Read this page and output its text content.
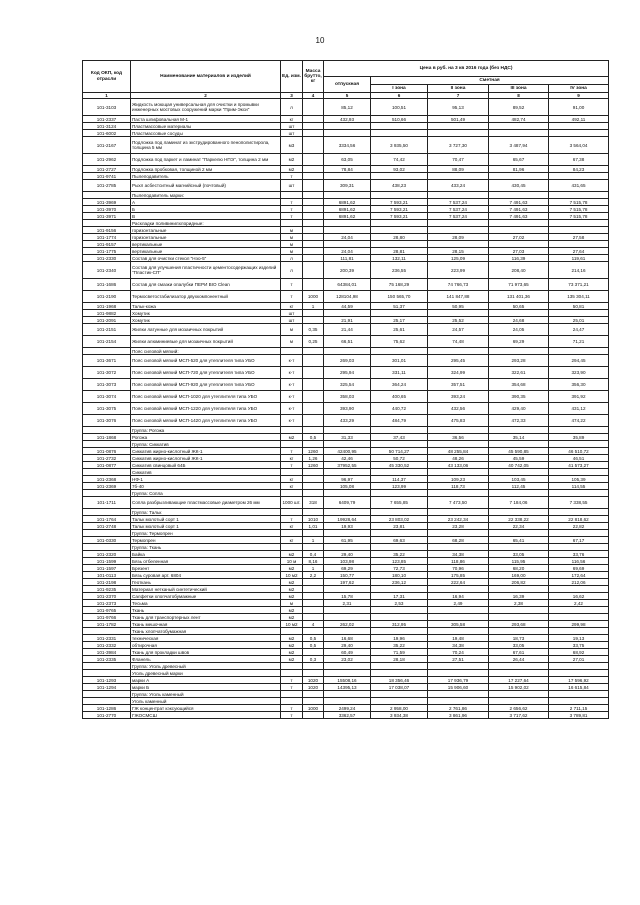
10
Код ОКП, код отрасли	Наименование материалов и изделий	Ед. изм.	Масса брутто, кг	Цена в руб. на 3 кв 2016 года (без НДС)				
				отпускная	Сметная			
					I зона	II зона	III зона	IV зона
1	2	3	4	5	6	7	8	9
101-3103	Жидкость моющая универсальная для очистки и промывки инженерных мостовых сооружений марки "Прим-Экси"	л		85,12	100,51	95,13	89,52	91,00
101-2337	Паста шлифовальная М-1	кг		432,93	510,66	501,49	482,74	492,11
101-3124	Пластмассовые материалы	шт						
101-6002	Пластмассовые сосуды	шт						
101-2167	Подложка под ламинат из экструдированного пенополистирола, толщина 5 мм	м3		3334,56	3 935,50	3 727,30	3 487,94	3 564,04
101-2962	Подложка под паркет и ламинат "Паркелю НПЭ", толщина 2 мм	м2		63,05	74,42	70,47	65,67	67,38
101-2727	Подложка пробковая, толщиной 2 мм	м2		78,84	93,02	88,09	81,96	84,23
101-9741	Пылеподавитель	т						
101-2785	Рыхл асбестситный магнийсный (почтовый)	шт		309,31	438,23	433,24	430,45	431,65
	Пылеподавитель марки:							
101-3969	А	т		6891,62	7 593,21	7 537,24	7 491,63	7 515,78
101-3970	Б	т		6891,62	7 593,21	7 537,24	7 491,63	7 515,78
101-3971	В	т		6891,62	7 593,21	7 537,24	7 491,63	7 515,78
	Раскладки поливинилхлоридные:							
101-9156	горизонтальные	м						
101-1774	горизонтальные	м		24,04	28,80	28,09	27,02	27,58
101-9157	вертикальные	м						
101-1775	вертикальные	м		24,04	28,81	28,15	27,03	27,64
101-2330	Состав для очистки стекол "Нэо-5"	л		111,81	132,11	125,09	116,39	119,61
101-2340	Состав для улучшения пластичности цементосодержащих изделий "Пластик-СП"	л		200,39	236,55	223,99	208,40	214,16
101-1686	Состав для смазки опалубки ПЕРИ BIO Clean	т		64384,01	75 168,29	74 766,73	71 973,65	73 371,21
101-2190	Термосветостабилизатор двухкомпонентный	т	1000	128104,98	150 565,70	141 847,88	131 401,36	135 304,11
101-1968	Тальк-кожа	кг	1	44,59	51,37	50,95	50,65	50,81
101-9882	Хомутик	шт						
101-2091	Хомутик	шт		21,91	25,17	25,52	24,68	25,01
101-2151	Жилки латунные для мозаичных покрытий	м	0,35	21,44	25,61	24,57	24,05	24,47
101-2154	Жилки алюминиевые для мозаичных покрытий	м	0,25	66,51	75,62	74,48	69,29	71,21
	Пояс силовой мягкий:							
101-3671	Пояс силовой мягкий МСП-520 для утеплителя типа УБО	к-т		269,03	301,01	295,45	293,28	294,45
101-3072	Пояс силовой мягкий МСП-720 для утеплителя типа УБО	к-т		295,94	331,11	324,99	322,61	323,90
101-3073	Пояс силовой мягкий МСП-920 для утеплителя типа УБО	к-т		325,54	364,24	357,51	354,68	356,30
101-3074	Пояс силовой мягкий МСП-1020 для утеплителя типа УБО	к-т		358,03	400,65	393,24	390,35	391,92
101-3075	Пояс силовой мягкий МСП-1220 для утеплителя типа УБО	к-т		393,90	440,72	432,56	429,40	431,12
101-3076	Пояс силовой мягкий МСП-1420 для утеплителя типа УБО	к-т		433,29	484,79	475,83	472,33	474,22
	Группа: Рогожа							
101-1868	Рогожа	м2	0,5	31,33	37,43	36,56	35,14	35,89
	Группа: Сиккатив							
101-0876	Сиккатив жирно-кислотный ЖК-1	т	1260	42400,95	50 714,27	48 255,84	45 590,85	46 510,72
101-2732	Сиккатив жирно-кислотный ЖК-1	кг	1,26	42,46	50,72	48,26	45,59	46,51
101-0877	Сиккатив свинцовый 64Б	т	1260	37952,55	45 330,52	43 133,06	40 742,05	41 573,27
	Сиккатив							
101-2368	НФ-1	кг		96,97	114,37	109,23	103,45	105,39
101-2369	7б-40	кг		105,08	123,99	118,73	112,45	114,55
	Группа: Сопла							
101-1711	Сопла разбрызгивающие пластмассовые диаметром 26 мм	1000 шт.	318	6409,79	7 655,85	7 473,50	7 184,06	7 338,55
	Группа: Тальк							
101-1764	Тальк молотый сорт 1	т	1010	19928,64	23 803,02	23 242,34	22 338,22	22 818,62
101-2748	Тальк молотый сорт 1	кг	1,01	19,93	23,81	23,28	22,34	22,82
	Группа: Термопрен							
101-0330	Термопрен	кг	1	61,95	69,63	68,28	65,41	67,17
	Группа: Ткань							
101-2320	Байка	м2	0,4	29,40	35,22	34,38	33,05	33,76
101-1599	Бязь отбеленная	10 м	8,16	103,98	123,85	118,86	115,95	116,56
101-1597	Брезент	м2	1	69,29	72,73	70,96	68,20	69,69
101-0113	Бязь суровая арт. 6804	10 м2	2,2	150,77	180,10	175,85	169,00	172,64
101-2198	Геоткань	м2		197,62	236,12	222,64	206,82	212,06
101-9235	Материал нетканый синтетический	м2						
101-2370	Салфетки хлопчатобумажные	м2		15,78	17,31	16,94	16,39	16,62
101-2373	Тесьма	м		2,31	2,53	2,49	2,38	2,42
101-9765	Ткань	м2						
101-9766	Ткань для транспортерных лент	м2						
101-1782	Ткань мешочная	10 м2	4	262,02	312,95	305,58	293,68	299,98
	Ткань хлопчатобумажная							
101-2331	техническая	м2	0,5	16,68	19,96	19,48	18,73	19,13
101-2332	обтирочная	м2	0,5	29,40	35,22	34,38	33,05	33,75
101-3984	Ткань для прокладки швов	м2		60,49	71,59	70,24	67,61	68,92
101-2335	Фланель	м2	0,3	23,02	28,18	27,51	26,44	27,01
	Группа: Уголь древесный							
	Уголь древесный марки							
101-1293	марки А	т	1020	15508,16	18 356,46	17 936,79	17 227,64	17 596,92
101-1294	марки Б	т	1020	14395,13	17 038,07	15 906,60	15 902,02	16 615,84
	Группа: Уголь каменный							
	Уголь каменный							
101-1286	ГЖ концентрат кэксующийся	т	1000	2499,24	2 958,00	2 761,86	2 656,62	2 711,15
101-2770	ГЖОСМСШ	т		3362,57	3 934,38	3 861,96	3 717,62	3 789,81
